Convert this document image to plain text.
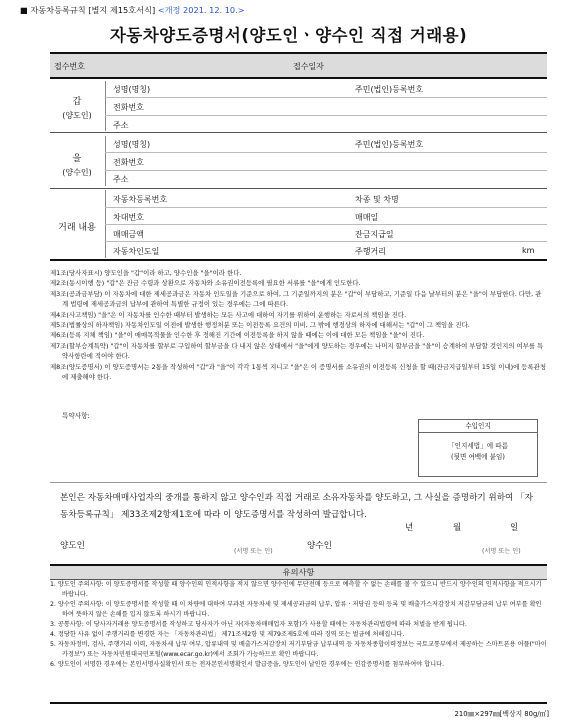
■ 자동차등록규칙 [별지 제15호서식] <개정 2021. 12. 10.>
자동차양도증명서(양도인ㆍ양수인 직접 거래용)
접수번호	접수일자
갑
(양도인)
성명(명칭)	주민(법인)등록번호
전화번호
주소
을
(양수인)
성명(명칭)	주민(법인)등록번호
전화번호
주소
거래 내용
자동차등록번호	차종 및 차명
차대번호	매매일
매매금액	잔금지급일
자동차인도일	주행거리	km
제1조(당사자표시) 양도인을 "갑"이라 하고, 양수인을 "을"이라 한다.
제2조(동시이행 등) "갑"은 잔금 수령과 상환으로 자동차와 소유권이전등록에 필요한 서류를 "을"에게 인도한다.
제3조(공과금부담) 이 자동차에 대한 제세공과금은 자동차 인도일을 기준으로 하여, 그 기준일까지의 분은 "갑"이 부담하고, 기준일 다음 날부터의 분은 "을"이 부담한다. 다만, 관계 법령에 제세공과금의 납부에 관하여 특별한 규정이 있는 경우에는 그에 따른다.
제4조(사고책임) "을"은 이 자동차를 인수한 때부터 발생하는 모든 사고에 대하여 자기를 위하여 운행하는 자로서의 책임을 진다.
제5조(법률상의 하자책임) 자동차인도일 이전에 발생한 행정처분 또는 이전등록 요건의 미비, 그 밖에 행정상의 하자에 대해서는 "갑"이 그 책임을 진다.
제6조(등록 지체 책임) "을"이 매매목적물을 인수한 후 정해진 기간에 이전등록을 하지 않을 때에는 이에 대한 모든 책임을 "을"이 진다.
제7조(할부승계특약) "갑"이 자동차를 할부로 구입하여 할부금을 다 내지 않은 상태에서 "을"에게 양도하는 경우에는 나머지 할부금을 "을"이 승계하여 부담할 것인지의 여부를 특약사항란에 적어야 한다.
제8조(양도증명서) 이 양도증명서는 2통을 작성하여 "갑"과 "을"이 각각 1통씩 지니고 "을"은 이 증명서를 소유권의 이전등록 신청을 할 때(잔금지급일부터 15일 이내)에 등록관청에 제출해야 한다.
특약사항:
수입인지
「인지세법」에 따름
(뒷면 여백에 붙임)
본인은 자동차매매사업자의 중개를 통하지 않고 양수인과 직접 거래로 소유자동차를 양도하고, 그 사실을 증명하기 위하여 「자동차등록규칙」 제33조제2항제1호에 따라 이 양도증명서를 작성하여 발급합니다.
년	월	일
양도인
(서명 또는 인)
양수인
(서명 또는 인)
유의사항
1. 양도인 주의사항: 이 양도증명서를 작성할 때 양수인의 인적사항을 적지 않으면 양수인에 무단전매 등으로 예측할 수 없는 손해를 볼 수 있으니 반드시 양수인의 인적사항을 적으시기 바랍니다.
2. 양수인 주의사항: 이 양도증명서를 작성할 때 이 차량에 대하여 부과된 자동차세 및 제세공과금의 납부, 압류ㆍ저당권 등의 등록 및 배출가스저감장치 저감부담금의 납부 여부를 확인하여 뜻하지 않은 손해를 입지 않도록 하시기 바랍니다.
3. 공통사항: 이 당사자거래용 양도증명서를 작성하고 당사자가 아닌 자(자동차매매업자 포함)가 사용할 때에는 자동차관리법령에 따라 처벌을 받게 됩니다.
4. 정당한 사유 없이 주행거리를 변경한 자는 「자동차관리법」 제71조제2항 및 제79조제5호에 따라 징역 또는 벌금에 처해집니다.
5. 자동차정비, 검사, 주행거리 이력, 자동차세 납부 여부, 압류내역 및 배출가스저감장치 저기부담금 납부내역 등 자동차종합이력정보는 국토교통부에서 제공하는 스마트폰용 어플("마이카정보") 또는 자동차민원대국민포털(www.ecar.go.kr)에서 조회가 가능하므로 확인 바랍니다.
6. 양도인이 서명한 경우에는 본인서명사실확인서 또는 전자본인서명확인서 발급증을, 양도인이 날인한 경우에는 인감증명서를 첨부하여야 합니다.
210㎜×297㎜[백상지 80g/㎡]
